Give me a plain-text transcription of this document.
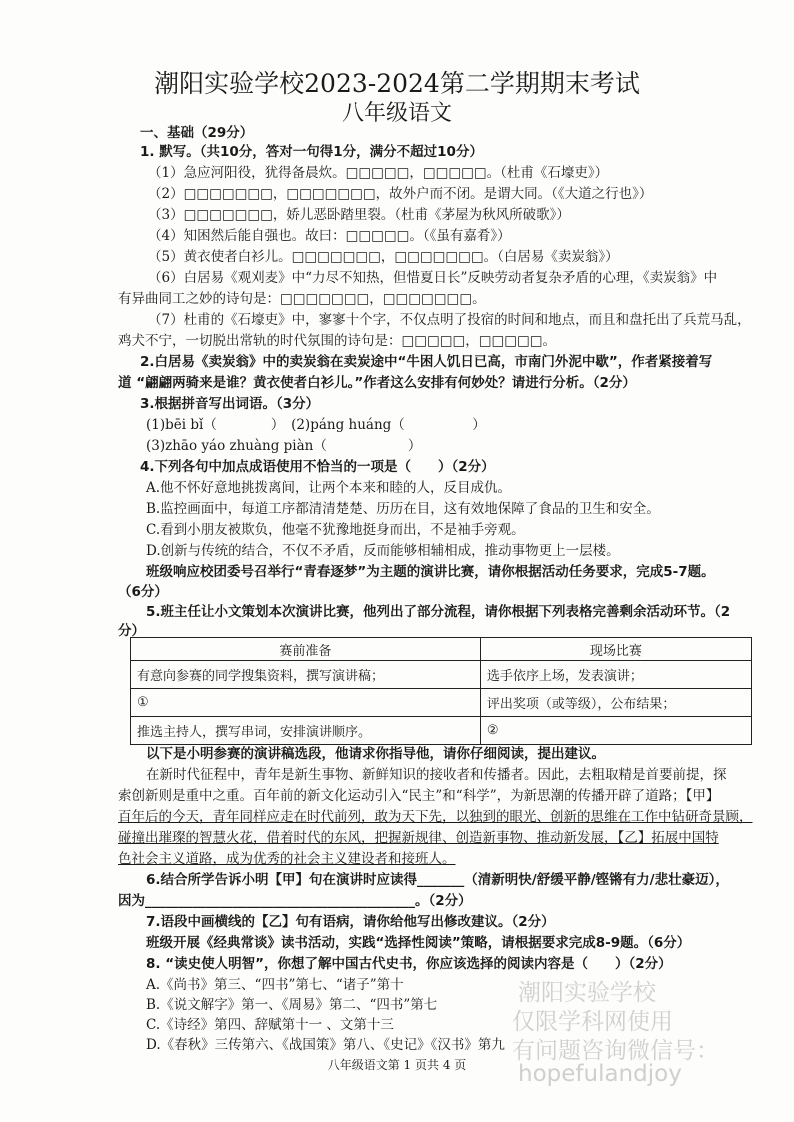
潮阳实验学校2023-2024第二学期期末考试
八年级语文
一、基础（29分）
1. 默写。（共10分，答对一句得1分，满分不超过10分）
（1）急应河阳役，犹得备晨炊。□□□□□，□□□□□。（杜甫《石壕吏》）
（2）□□□□□□□，□□□□□□□，故外户而不闭。是谓大同。（《大道之行也》）
（3）□□□□□□□，娇儿恶卧踏里裂。（杜甫《茅屋为秋风所破歌》）
（4）知困然后能自强也。故曰：□□□□□。（《虽有嘉肴》）
（5）黄衣使者白衫儿。□□□□□□□，□□□□□□□。（白居易《卖炭翁》）
（6）白居易《观刈麦》中“力尽不知热，但惜夏日长”反映劳动者复杂矛盾的心理，《卖炭翁》中
有异曲同工之妙的诗句是：□□□□□□□，□□□□□□□。
（7）杜甫的《石壕吏》中，寥寥十个字，不仅点明了投宿的时间和地点，而且和盘托出了兵荒马乱，
鸡犬不宁，一切脱出常轨的时代氛围的诗句是：□□□□□，□□□□□。
2.白居易《卖炭翁》中的卖炭翁在卖炭途中“牛困人饥日已高，市南门外泥中歇”，作者紧接着写
道 “翩翩两骑来是谁？黄衣使者白衫儿。”作者这么安排有何妙处？请进行分析。（2分）
3.根据拼音写出词语。（3分）
(1)bēi bǐ（　　　　）　(2)páng huáng（　　　　　）
(3)zhāo yáo zhuàng piàn（　　　　　　）
4.下列各句中加点成语使用不恰当的一项是（　　）（2分）
A.他不怀好意地挑拨离间，让两个本来和睦的人，反目成仇。
B.监控画面中，每道工序都清清楚楚、历历在目，这有效地保障了食品的卫生和安全。
C.看到小朋友被欺负，他毫不犹豫地挺身而出，不是袖手旁观。
D.创新与传统的结合，不仅不矛盾，反而能够相辅相成，推动事物更上一层楼。
班级响应校团委号召举行“青春逐梦”为主题的演讲比赛，请你根据活动任务要求，完成5-7题。
（6分）
5.班主任让小文策划本次演讲比赛，他列出了部分流程，请你根据下列表格完善剩余活动环节。（2
分）
赛前准备	现场比赛
有意向参赛的同学搜集资料，撰写演讲稿；	选手依序上场，发表演讲；
①	评出奖项（或等级），公布结果；
推选主持人，撰写串词，安排演讲顺序。	②
以下是小明参赛的演讲稿选段，他请求你指导他，请你仔细阅读，提出建议。
在新时代征程中，青年是新生事物、新鲜知识的接收者和传播者。因此，去粗取精是首要前提，探
索创新则是重中之重。百年前的新文化运动引入“民主”和“科学”，为新思潮的传播开辟了道路；【甲】
百年后的今天，青年同样应走在时代前列，敢为天下先，以独到的眼光、创新的思维在工作中钻研奇景顾，
碰撞出璀璨的智慧火花，借着时代的东风，把握新规律、创造新事物、推动新发展，【乙】拓展中国特
色社会主义道路，成为优秀的社会主义建设者和接班人。
6.结合所学告诉小明【甲】句在演讲时应读得_______（清新明快/舒缓平静/铿锵有力/悲壮豪迈），
因为________________________________________。（2分）
7.语段中画横线的【乙】句有语病，请你给他写出修改建议。（2分）
班级开展《经典常谈》读书活动，实践“选择性阅读”策略，请根据要求完成8-9题。（6分）
8. “读史使人明智”，你想了解中国古代史书，你应该选择的阅读内容是（　　）（2分）
A.《尚书》第三、“四书”第七、“诸子”第十
B.《说文解字》第一、《周易》第二、“四书”第七
C.《诗经》第四、辞赋第十一 、文第十三
D.《春秋》三传第六、《战国策》第八、《史记》《汉书》第九
潮阳实验学校
仅限学科网使用
有问题咨询微信号：
hopefulandjoy
八年级语文第 1 页共 4 页
